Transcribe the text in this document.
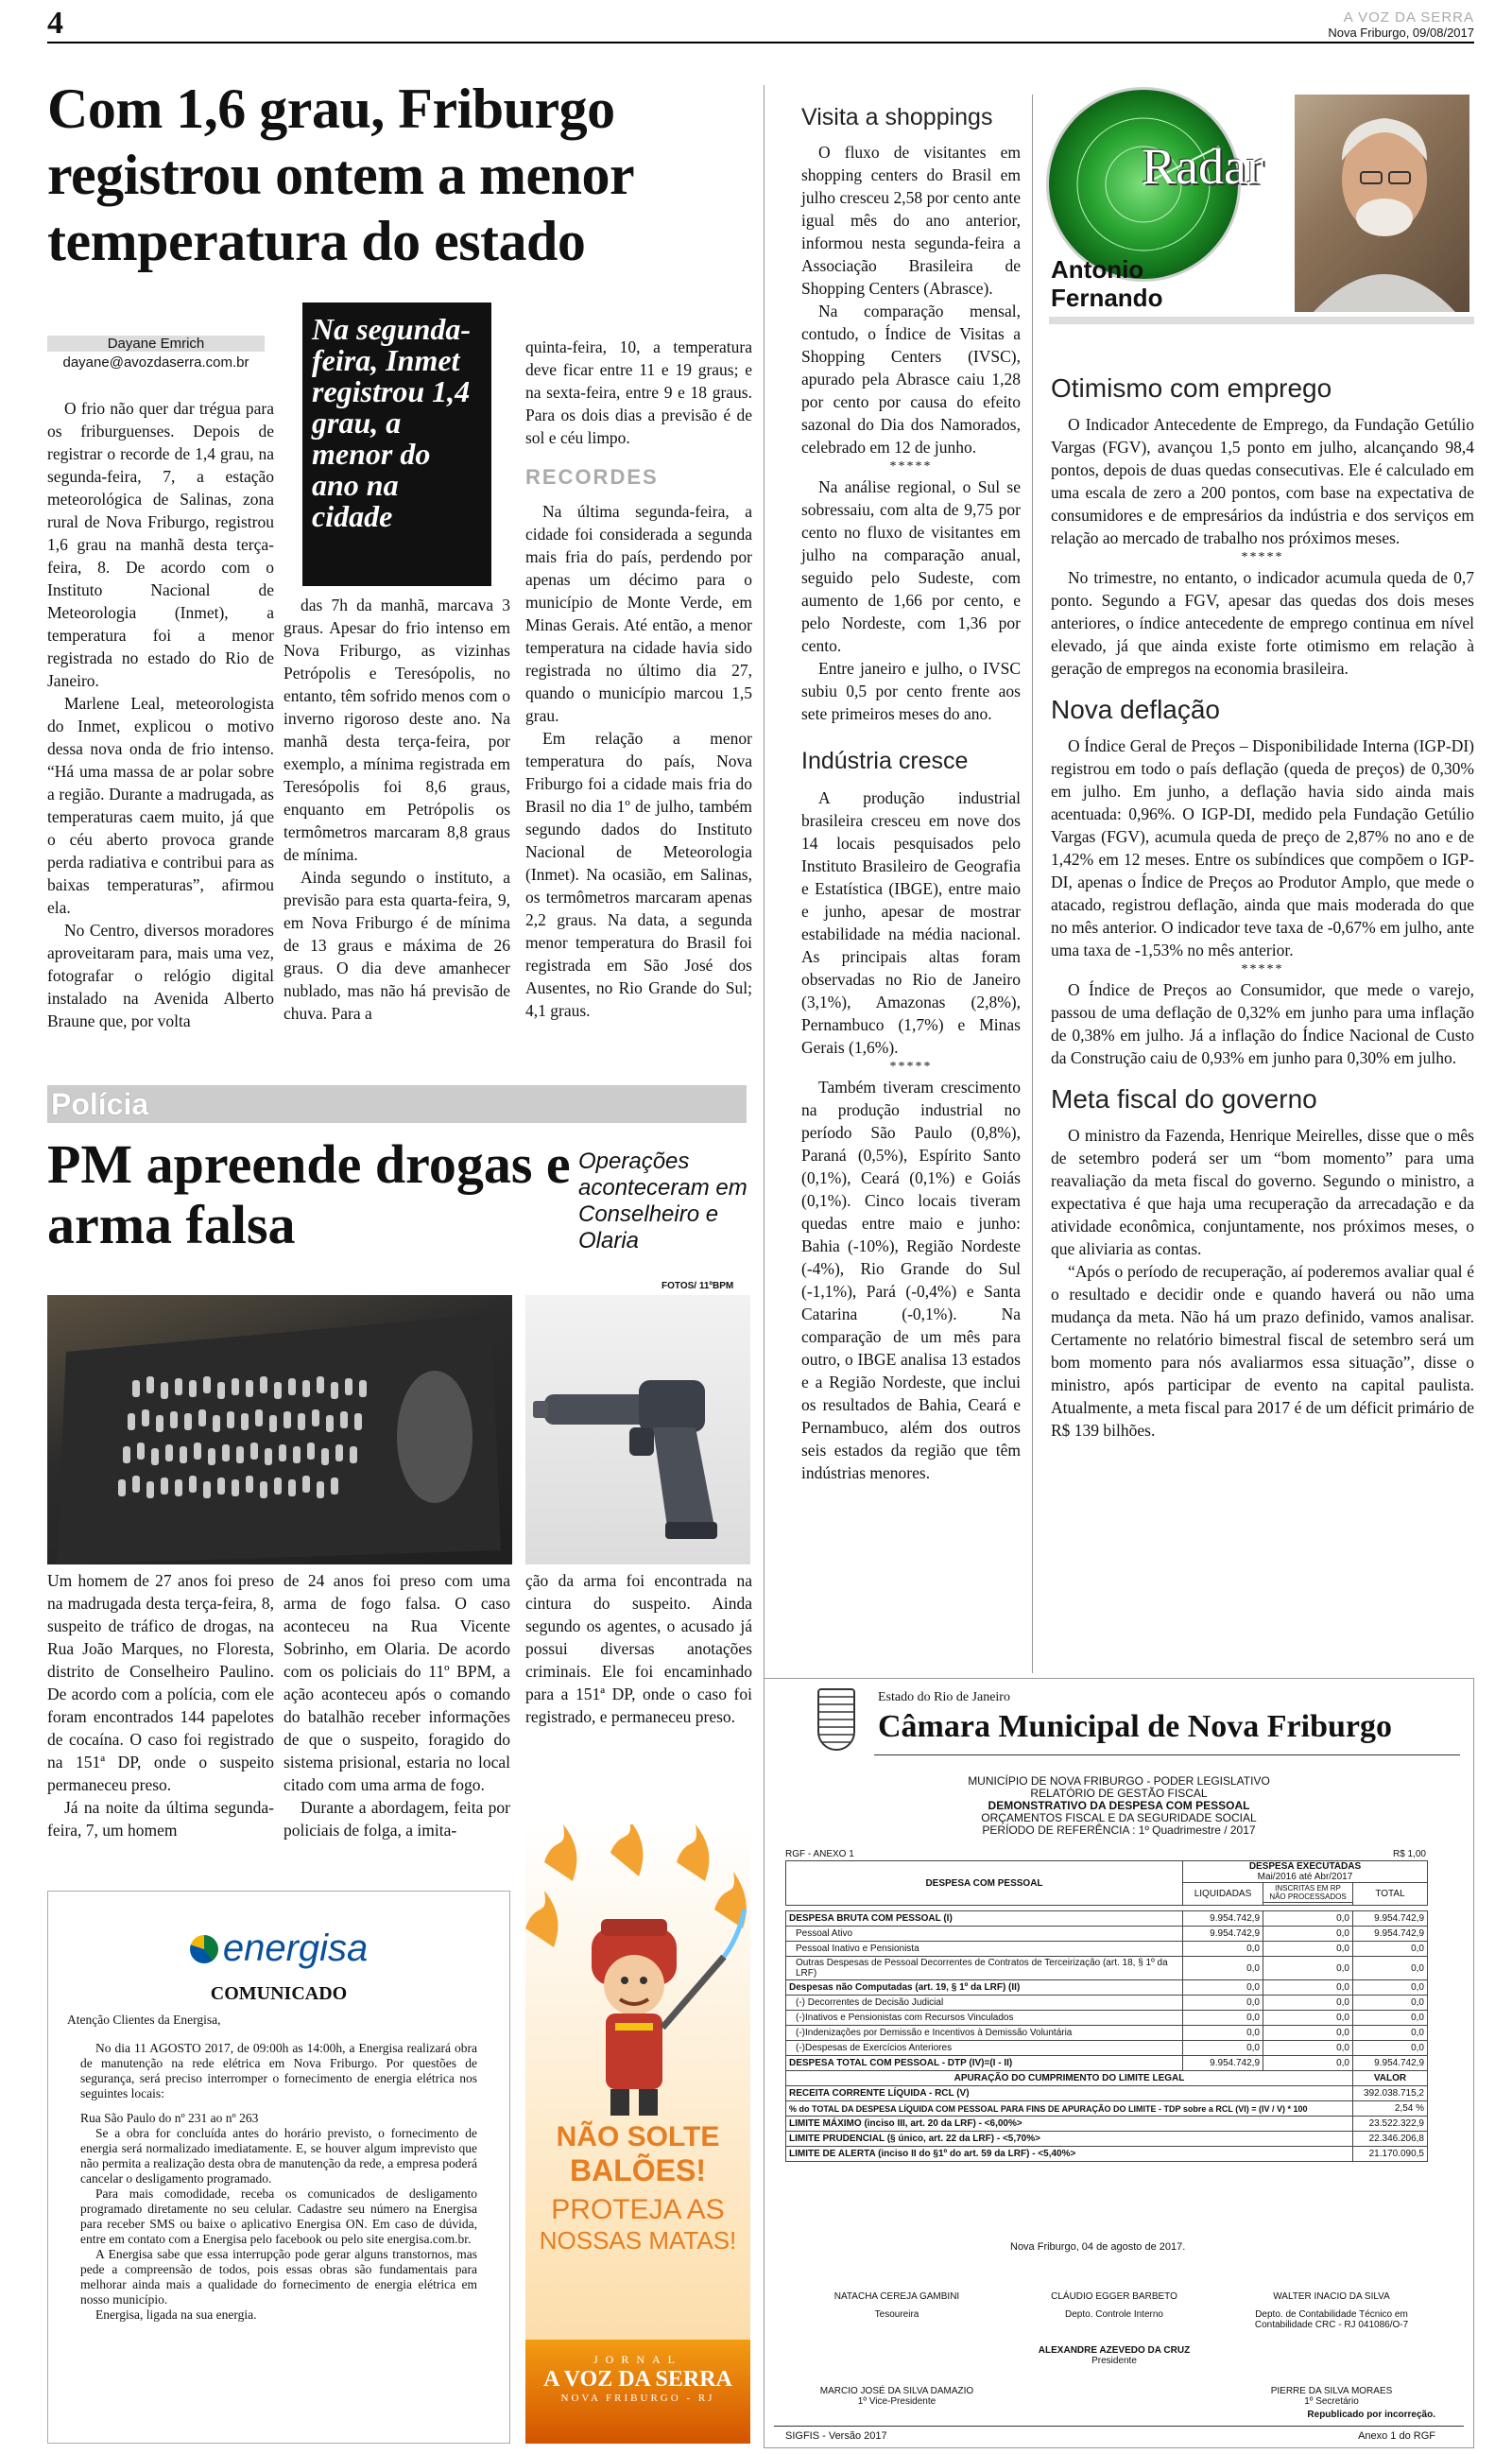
4	A VOZ DA SERRA
Nova Friburgo, 09/08/2017
Com 1,6 grau, Friburgo registrou ontem a menor temperatura do estado
Dayane Emrich
dayane@avozdaserra.com.br

O frio não quer dar trégua para os friburguenses. Depois de registrar o recorde de 1,4 grau, na segunda-feira, 7, a estação meteorológica de Salinas, zona rural de Nova Friburgo, registrou 1,6 grau na manhã desta terça-feira, 8. De acordo com o Instituto Nacional de Meteorologia (Inmet), a temperatura foi a menor registrada no estado do Rio de Janeiro.

Marlene Leal, meteorologista do Inmet, explicou o motivo dessa nova onda de frio intenso. “Há uma massa de ar polar sobre a região. Durante a madrugada, as temperaturas caem muito, já que o céu aberto provoca grande perda radiativa e contribui para as baixas temperaturas”, afirmou ela.

No Centro, diversos moradores aproveitaram para, mais uma vez, fotografar o relógio digital instalado na Avenida Alberto Braune que, por volta

Na segunda-feira, Inmet registrou 1,4 grau, a menor do ano na cidade

das 7h da manhã, marcava 3 graus. Apesar do frio intenso em Nova Friburgo, as vizinhas Petrópolis e Teresópolis, no entanto, têm sofrido menos com o inverno rigoroso deste ano. Na manhã desta terça-feira, por exemplo, a mínima registrada em Teresópolis foi 8,6 graus, enquanto em Petrópolis os termômetros marcaram 8,8 graus de mínima.

Ainda segundo o instituto, a previsão para esta quarta-feira, 9, em Nova Friburgo é de mínima de 13 graus e máxima de 26 graus. O dia deve amanhecer nublado, mas não há previsão de chuva. Para a

quinta-feira, 10, a temperatura deve ficar entre 11 e 19 graus; e na sexta-feira, entre 9 e 18 graus. Para os dois dias a previsão é de sol e céu limpo.

RECORDES

Na última segunda-feira, a cidade foi considerada a segunda mais fria do país, perdendo por apenas um décimo para o município de Monte Verde, em Minas Gerais. Até então, a menor temperatura na cidade havia sido registrada no último dia 27, quando o município marcou 1,5 grau.

Em relação a menor temperatura do país, Nova Friburgo foi a cidade mais fria do Brasil no dia 1º de julho, também segundo dados do Instituto Nacional de Meteorologia (Inmet). Na ocasião, em Salinas, os termômetros marcaram apenas 2,2 graus. Na data, a segunda menor temperatura do Brasil foi registrada em São José dos Ausentes, no Rio Grande do Sul; 4,1 graus.

Polícia
PM apreende drogas e arma falsa
Operações aconteceram em Conselheiro e Olaria
FOTOS/ 11ºBPM

Um homem de 27 anos foi preso na madrugada desta terça-feira, 8, suspeito de tráfico de drogas, na Rua João Marques, no Floresta, distrito de Conselheiro Paulino. De acordo com a polícia, com ele foram encontrados 144 papelotes de cocaína. O caso foi registrado na 151ª DP, onde o suspeito permaneceu preso.

Já na noite da última segunda-feira, 7, um homem

de 24 anos foi preso com uma arma de fogo falsa. O caso aconteceu na Rua Vicente Sobrinho, em Olaria. De acordo com os policiais do 11º BPM, a ação aconteceu após o comando do batalhão receber informações de que o suspeito, foragido do sistema prisional, estaria no local citado com uma arma de fogo.

Durante a abordagem, feita por policiais de folga, a imita-

ção da arma foi encontrada na cintura do suspeito. Ainda segundo os agentes, o acusado já possui diversas anotações criminais. Ele foi encaminhado para a 151ª DP, onde o caso foi registrado, e permaneceu preso.

energisa
COMUNICADO
Atenção Clientes da Energisa,

No dia 11 AGOSTO 2017, de 09:00h as 14:00h, a Energisa realizará obra de manutenção na rede elétrica em Nova Friburgo. Por questões de segurança, será preciso interromper o fornecimento de energia elétrica nos seguintes locais:

Rua São Paulo do nº 231 ao nº 263

Se a obra for concluída antes do horário previsto, o fornecimento de energia será normalizado imediatamente. E, se houver algum imprevisto que não permita a realização desta obra de manutenção da rede, a empresa poderá cancelar o desligamento programado.

Para mais comodidade, receba os comunicados de desligamento programado diretamente no seu celular. Cadastre seu número na Energisa para receber SMS ou baixe o aplicativo Energisa ON. Em caso de dúvida, entre em contato com a Energisa pelo facebook ou pelo site energisa.com.br.

A Energisa sabe que essa interrupção pode gerar alguns transtornos, mas pede a compreensão de todos, pois essas obras são fundamentais para melhorar ainda mais a qualidade do fornecimento de energia elétrica em nosso município.

Energisa, ligada na sua energia.

NÃO SOLTE
BALÕES!
PROTEJA AS
NOSSAS MATAS!
JORNAL
A VOZ DA SERRA
NOVA FRIBURGO - RJ
Visita a shoppings

O fluxo de visitantes em shopping centers do Brasil em julho cresceu 2,58 por cento ante igual mês do ano anterior, informou nesta segunda-feira a Associação Brasileira de Shopping Centers (Abrasce).

Na comparação mensal, contudo, o Índice de Visitas a Shopping Centers (IVSC), apurado pela Abrasce caiu 1,28 por cento por causa do efeito sazonal do Dia dos Namorados, celebrado em 12 de junho.

*****

Na análise regional, o Sul se sobressaiu, com alta de 9,75 por cento no fluxo de visitantes em julho na comparação anual, seguido pelo Sudeste, com aumento de 1,66 por cento, e pelo Nordeste, com 1,36 por cento.

Entre janeiro e julho, o IVSC subiu 0,5 por cento frente aos sete primeiros meses do ano.

Indústria cresce

A produção industrial brasileira cresceu em nove dos 14 locais pesquisados pelo Instituto Brasileiro de Geografia e Estatística (IBGE), entre maio e junho, apesar de mostrar estabilidade na média nacional. As principais altas foram observadas no Rio de Janeiro (3,1%), Amazonas (2,8%), Pernambuco (1,7%) e Minas Gerais (1,6%).

*****

Também tiveram crescimento na produção industrial no período São Paulo (0,8%), Paraná (0,5%), Espírito Santo (0,1%), Ceará (0,1%) e Goiás (0,1%). Cinco locais tiveram quedas entre maio e junho: Bahia (-10%), Região Nordeste (-4%), Rio Grande do Sul (-1,1%), Pará (-0,4%) e Santa Catarina (-0,1%). Na comparação de um mês para outro, o IBGE analisa 13 estados e a Região Nordeste, que inclui os resultados de Bahia, Ceará e Pernambuco, além dos outros seis estados da região que têm indústrias menores.

Radar
Antonio
Fernando
Otimismo com emprego

O Indicador Antecedente de Emprego, da Fundação Getúlio Vargas (FGV), avançou 1,5 ponto em julho, alcançando 98,4 pontos, depois de duas quedas consecutivas. Ele é calculado em uma escala de zero a 200 pontos, com base na expectativa de consumidores e de empresários da indústria e dos serviços em relação ao mercado de trabalho nos próximos meses.

*****

No trimestre, no entanto, o indicador acumula queda de 0,7 ponto. Segundo a FGV, apesar das quedas dos dois meses anteriores, o índice antecedente de emprego continua em nível elevado, já que ainda existe forte otimismo em relação à geração de empregos na economia brasileira.

Nova deflação

O Índice Geral de Preços – Disponibilidade Interna (IGP-DI) registrou em todo o país deflação (queda de preços) de 0,30% em julho. Em junho, a deflação havia sido ainda mais acentuada: 0,96%. O IGP-DI, medido pela Fundação Getúlio Vargas (FGV), acumula queda de preço de 2,87% no ano e de 1,42% em 12 meses. Entre os subíndices que compõem o IGP-DI, apenas o Índice de Preços ao Produtor Amplo, que mede o atacado, registrou deflação, ainda que mais moderada do que no mês anterior. O indicador teve taxa de -0,67% em julho, ante uma taxa de -1,53% no mês anterior.

*****

O Índice de Preços ao Consumidor, que mede o varejo, passou de uma deflação de 0,32% em junho para uma inflação de 0,38% em julho. Já a inflação do Índice Nacional de Custo da Construção caiu de 0,93% em junho para 0,30% em julho.

Meta fiscal do governo

O ministro da Fazenda, Henrique Meirelles, disse que o mês de setembro poderá ser um “bom momento” para uma reavaliação da meta fiscal do governo. Segundo o ministro, a expectativa é que haja uma recuperação da arrecadação e da atividade econômica, conjuntamente, nos próximos meses, o que aliviaria as contas.

“Após o período de recuperação, aí poderemos avaliar qual é o resultado e decidir onde e quando haverá ou não uma mudança da meta. Não há um prazo definido, vamos analisar. Certamente no relatório bimestral fiscal de setembro será um bom momento para nós avaliarmos essa situação”, disse o ministro, após participar de evento na capital paulista. Atualmente, a meta fiscal para 2017 é de um déficit primário de R$ 139 bilhões.

Estado do Rio de Janeiro
Câmara Municipal de Nova Friburgo
MUNICÍPIO DE NOVA FRIBURGO - PODER LEGISLATIVO
RELATÓRIO DE GESTÃO FISCAL
DEMONSTRATIVO DA DESPESA COM PESSOAL
ORÇAMENTOS FISCAL E DA SEGURIDADE SOCIAL
PERÍODO DE REFERÊNCIA : 1º Quadrimestre / 2017
RGF - ANEXO 1	R$ 1,00
DESPESA COM PESSOAL	DESPESA EXECUTADAS
Mai/2016 até Abr/2017		

	LIQUIDADAS	INSCRITAS EM RP NÃO PROCESSADOS	TOTAL

DESPESA BRUTA COM PESSOAL (I)	9.954.742,9	0,0	9.954.742,9
Pessoal Ativo	9.954.742,9	0,0	9.954.742,9
Pessoal Inativo e Pensionista	0,0	0,0	0,0
Outras Despesas de Pessoal Decorrentes de Contratos de Terceirização (art. 18, § 1º da LRF)	0,0	0,0	0,0
Despesas não Computadas (art. 19, § 1º da LRF) (II)	0,0	0,0	0,0
(-) Decorrentes de Decisão Judicial	0,0	0,0	0,0
(-)Inativos e Pensionistas com Recursos Vinculados	0,0	0,0	0,0
(-)Indenizações por Demissão e Incentivos à Demissão Voluntária	0,0	0,0	0,0
(-)Despesas de Exercícios Anteriores	0,0	0,0	0,0
DESPESA TOTAL COM PESSOAL - DTP (IV)=(I - II)	9.954.742,9	0,0	9.954.742,9
APURAÇÃO DO CUMPRIMENTO DO LIMITE LEGAL			VALOR
RECEITA CORRENTE LÍQUIDA - RCL (V)			392.038.715,2
% do TOTAL DA DESPESA LÍQUIDA COM PESSOAL PARA FINS DE APURAÇÃO DO LIMITE - TDP sobre a RCL (VI) = (IV / V) * 100			2,54 %
LIMITE MÁXIMO (inciso III, art. 20 da LRF) - <6,00%>			23.522.322,9
LIMITE PRUDENCIAL (§ único, art. 22 da LRF) - <5,70%>			22.346.206,8
LIMITE DE ALERTA (inciso II do §1º do art. 59 da LRF) - <5,40%>			21.170.090,5
Nova Friburgo, 04 de agosto de 2017.
NATACHA CEREJA GAMBINI
Tesoureira
CLÁUDIO EGGER BARBETO
Depto. Controle Interno
WALTER INACIO DA SILVA
Depto. de Contabilidade Técnico em Contabilidade CRC - RJ 041086/O-7
ALEXANDRE AZEVEDO DA CRUZ
Presidente
MARCIO JOSÉ DA SILVA DAMAZIO
1º Vice-Presidente
PIERRE DA SILVA MORAES
1º Secretário
Republicado por incorreção.
SIGFIS - Versão 2017	Anexo 1 do RGF
